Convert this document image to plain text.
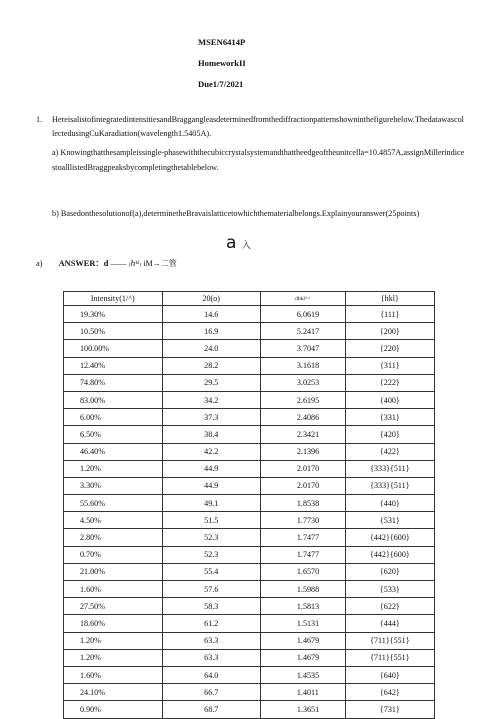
MSEN6414P
HomeworkII
Due1/7/2021
1. HereisalistofintegratedintensitiesandBraggangleasdeterminedfromthediffractionpatternshowninthefigurebelow.ThedatawascollectedusingCuKaradiation(wavelength1.5405A).
a) Knowingthatthesampleissingle-phasewiththecubiccrystalsystemandthattheedgeoftheunitcella=10.4857A,assignMillerindicestoalllistedBraggpeaksbycompletingthetablebelow.
b) Basedonthesolutionof(a),determinetheBravaislatticetowhichthematerialbelongs.Explainyouranswer(25points)
a 入
a) ANSWER：d —— ₍ℎᵏˡ₎ iM→二管
Intensity(1/^)	20(o)	dhkl^>	{hkl}
19.30%	14.6	6.0619	{111}
10.50%	16.9	5.2417	{200}
100.00%	24.0	3.7047	{220}
12.40%	28.2	3.1618	{311}
74.80%	29.5	3.0253	{222}
83.00%	34.2	2.6195	{400}
6.00%	37.3	2.4086	{331}
6.50%	38.4	2.3421	{420}
46.40%	42.2	2.1396	{422}
1.20%	44.9	2.0170	{333}{511}
3.30%	44.9	2.0170	{333}{511}
55.60%	49.1	1.8538	{440}
4.50%	51.5	1.7730	{531}
2.80%	52.3	1.7477	{442}{600}
0.70%	52.3	1.7477	{442}{600}
21.00%	55.4	1.6570	{620}
1.60%	57.6	1.5988	{533}
27.50%	58.3	1.5813	{622}
18.60%	61.2	1.5131	{444}
1.20%	63.3	1.4679	{711}{551}
1.20%	63.3	1.4679	{711}{551}
1.60%	64.0	1.4535	{640}
24.10%	66.7	1.4011	{642}
0.90%	68.7	1.3651	{731}
